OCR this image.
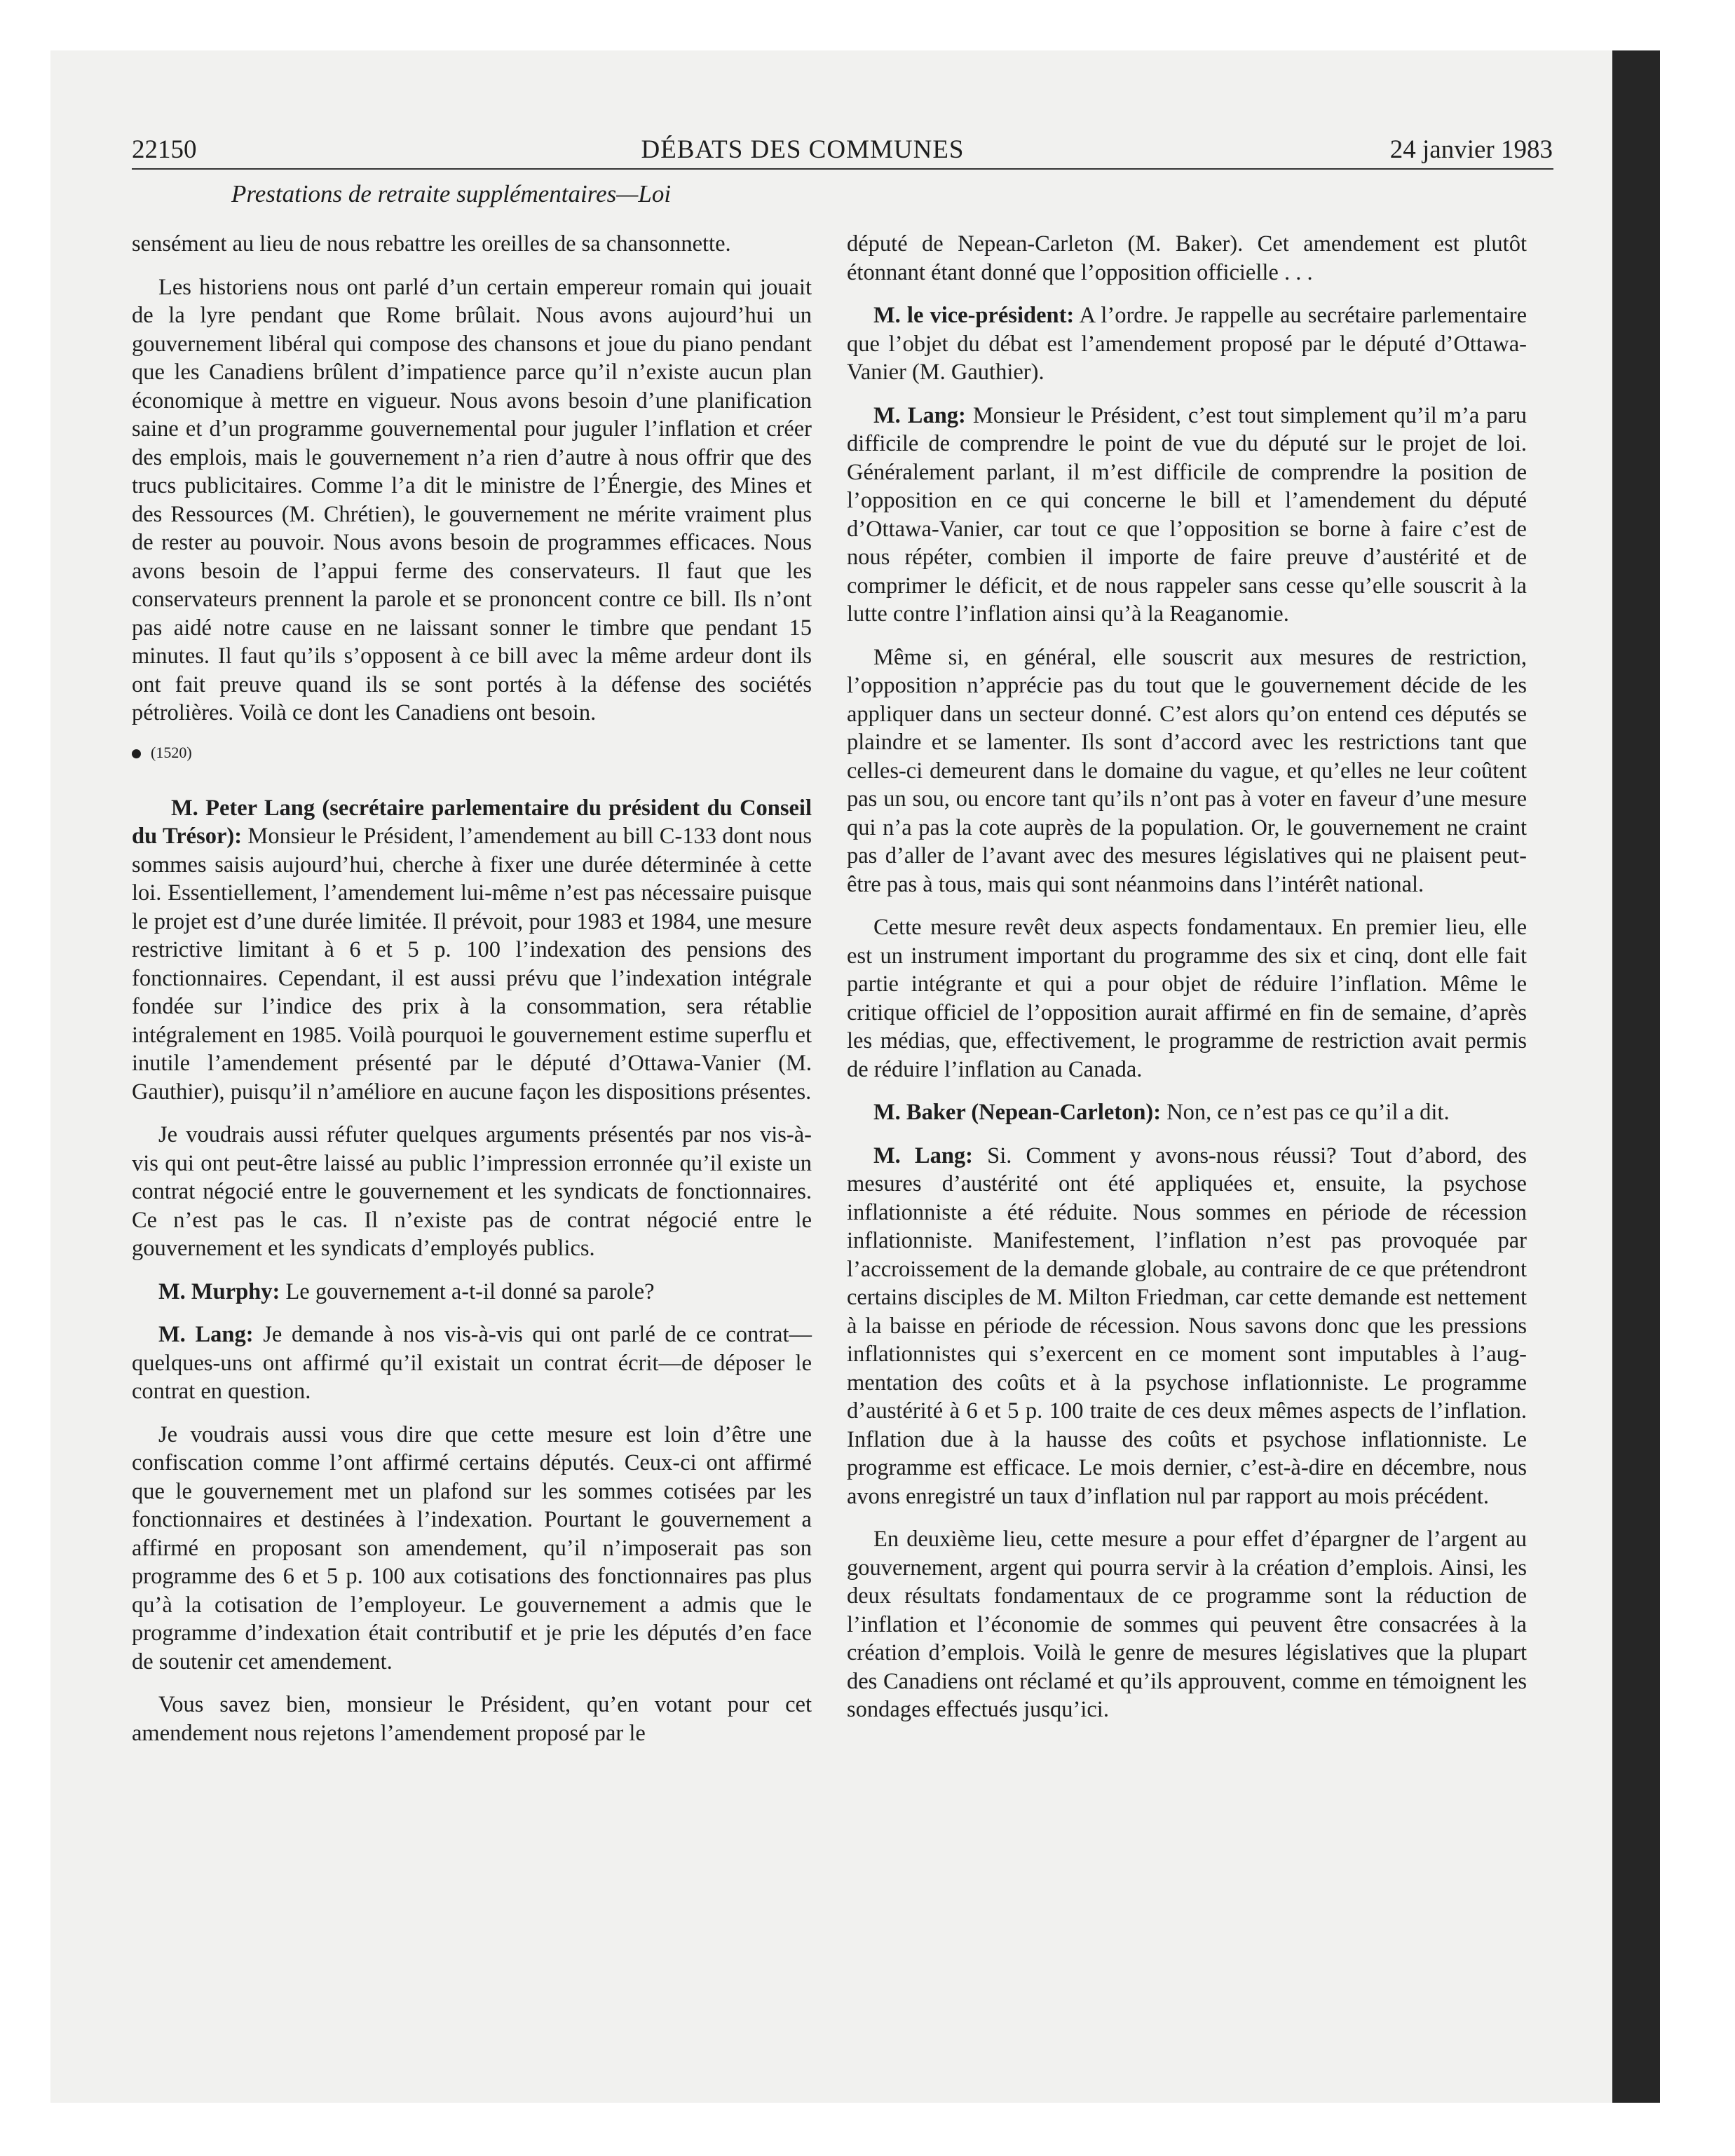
22150	DÉBATS DES COMMUNES	24 janvier 1983
Prestations de retraite supplémentaires—Loi

sensément au lieu de nous rebattre les oreilles de sa chansonnette.

Les historiens nous ont parlé d’un certain empereur romain qui jouait de la lyre pendant que Rome brûlait. Nous avons aujourd’hui un gouvernement libéral qui compose des chansons et joue du piano pendant que les Canadiens brûlent d’impatience parce qu’il n’existe aucun plan économique à mettre en vigueur. Nous avons besoin d’une planification saine et d’un programme gouvernemental pour juguler l’inflation et créer des emplois, mais le gouvernement n’a rien d’autre à nous offrir que des trucs publicitaires. Comme l’a dit le ministre de l’Énergie, des Mines et des Ressources (M. Chrétien), le gouvernement ne mérite vraiment plus de rester au pouvoir. Nous avons besoin de programmes efficaces. Nous avons besoin de l’appui ferme des conservateurs. Il faut que les conservateurs prennent la parole et se prononcent contre ce bill. Ils n’ont pas aidé notre cause en ne laissant sonner le timbre que pendant 15 minutes. Il faut qu’ils s’opposent à ce bill avec la même ardeur dont ils ont fait preuve quand ils se sont portés à la défense des sociétés pétrolières. Voilà ce dont les Canadiens ont besoin.

(1520)

M. Peter Lang (secrétaire parlementaire du président du Conseil du Trésor): Monsieur le Président, l’amendement au bill C-133 dont nous sommes saisis aujourd’hui, cherche à fixer une durée déterminée à cette loi. Essentiellement, l’amendement lui-même n’est pas nécessaire puisque le projet est d’une durée limitée. Il prévoit, pour 1983 et 1984, une mesure restrictive limitant à 6 et 5 p. 100 l’indexation des pensions des fonctionnaires. Cependant, il est aussi prévu que l’indexation intégrale fondée sur l’indice des prix à la consommation, sera rétablie intégralement en 1985. Voilà pourquoi le gouvernement estime superflu et inutile l’amendement présenté par le député d’Ottawa-Vanier (M. Gauthier), puisqu’il n’améliore en aucune façon les dispositions présentes.

Je voudrais aussi réfuter quelques arguments présentés par nos vis-à-vis qui ont peut-être laissé au public l’impression erronnée qu’il existe un contrat négocié entre le gouvernement et les syndicats de fonctionnaires. Ce n’est pas le cas. Il n’existe pas de contrat négocié entre le gouvernement et les syndicats d’employés publics.

M. Murphy: Le gouvernement a-t-il donné sa parole?

M. Lang: Je demande à nos vis-à-vis qui ont parlé de ce contrat—quelques-uns ont affirmé qu’il existait un contrat écrit—de déposer le contrat en question.

Je voudrais aussi vous dire que cette mesure est loin d’être une confiscation comme l’ont affirmé certains députés. Ceux-ci ont affirmé que le gouvernement met un plafond sur les sommes cotisées par les fonctionnaires et destinées à l’indexation. Pourtant le gouvernement a affirmé en proposant son amendement, qu’il n’imposerait pas son programme des 6 et 5 p. 100 aux cotisations des fonctionnaires pas plus qu’à la cotisation de l’employeur. Le gouvernement a admis que le programme d’indexation était contributif et je prie les députés d’en face de soutenir cet amendement.

Vous savez bien, monsieur le Président, qu’en votant pour cet amendement nous rejetons l’amendement proposé par le

député de Nepean-Carleton (M. Baker). Cet amendement est plutôt étonnant étant donné que l’opposition officielle . . .

M. le vice-président: A l’ordre. Je rappelle au secrétaire parlementaire que l’objet du débat est l’amendement proposé par le député d’Ottawa-Vanier (M. Gauthier).

M. Lang: Monsieur le Président, c’est tout simplement qu’il m’a paru difficile de comprendre le point de vue du député sur le projet de loi. Généralement parlant, il m’est difficile de comprendre la position de l’opposition en ce qui concerne le bill et l’amendement du député d’Ottawa-Vanier, car tout ce que l’opposition se borne à faire c’est de nous répéter, combien il importe de faire preuve d’austérité et de comprimer le déficit, et de nous rappeler sans cesse qu’elle souscrit à la lutte contre l’inflation ainsi qu’à la Reaganomie.

Même si, en général, elle souscrit aux mesures de restriction, l’opposition n’apprécie pas du tout que le gouvernement décide de les appliquer dans un secteur donné. C’est alors qu’on entend ces députés se plaindre et se lamenter. Ils sont d’accord avec les restrictions tant que celles-ci demeurent dans le domaine du vague, et qu’elles ne leur coûtent pas un sou, ou encore tant qu’ils n’ont pas à voter en faveur d’une mesure qui n’a pas la cote auprès de la population. Or, le gouvernement ne craint pas d’aller de l’avant avec des mesures législatives qui ne plaisent peut-être pas à tous, mais qui sont néanmoins dans l’intérêt national.

Cette mesure revêt deux aspects fondamentaux. En premier lieu, elle est un instrument important du programme des six et cinq, dont elle fait partie intégrante et qui a pour objet de réduire l’inflation. Même le critique officiel de l’opposition aurait affirmé en fin de semaine, d’après les médias, que, effectivement, le programme de restriction avait permis de réduire l’inflation au Canada.

M. Baker (Nepean-Carleton): Non, ce n’est pas ce qu’il a dit.

M. Lang: Si. Comment y avons-nous réussi? Tout d’abord, des mesures d’austérité ont été appliquées et, ensuite, la psychose inflationniste a été réduite. Nous sommes en période de récession inflationniste. Manifestement, l’inflation n’est pas provoquée par l’accroissement de la demande globale, au contraire de ce que prétendront certains disciples de M. Milton Friedman, car cette demande est nettement à la baisse en période de récession. Nous savons donc que les pressions inflationnistes qui s’exercent en ce moment sont imputables à l’augmentation des coûts et à la psychose inflationniste. Le programme d’austérité à 6 et 5 p. 100 traite de ces deux mêmes aspects de l’inflation. Inflation due à la hausse des coûts et psychose inflationniste. Le programme est efficace. Le mois dernier, c’est-à-dire en décembre, nous avons enregistré un taux d’inflation nul par rapport au mois précédent.

En deuxième lieu, cette mesure a pour effet d’épargner de l’argent au gouvernement, argent qui pourra servir à la création d’emplois. Ainsi, les deux résultats fondamentaux de ce programme sont la réduction de l’inflation et l’économie de sommes qui peuvent être consacrées à la création d’emplois. Voilà le genre de mesures législatives que la plupart des Canadiens ont réclamé et qu’ils approuvent, comme en témoignent les sondages effectués jusqu’ici.
